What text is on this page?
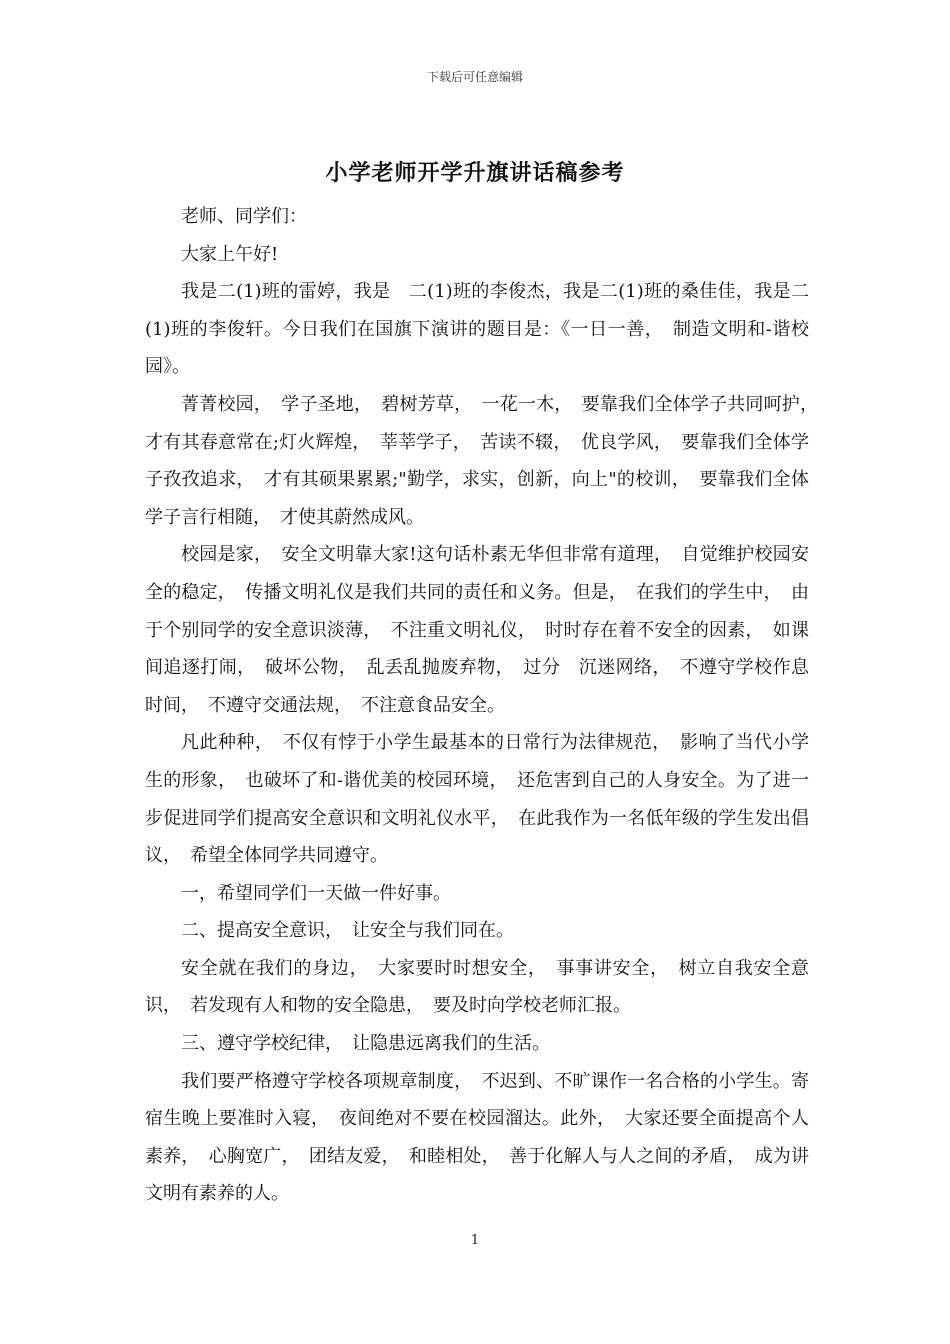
下载后可任意编辑
小学老师开学升旗讲话稿参考

老师、同学们：

大家上午好!

我是二(1)班的雷婷，我是　二(1)班的李俊杰，我是二(1)班的桑佳佳，我是二(1)班的李俊轩。今日我们在国旗下演讲的题目是：《一日一善，　制造文明和-谐校园》。

菁菁校园，　学子圣地，　碧树芳草，　一花一木，　要靠我们全体学子共同呵护，　才有其春意常在;灯火辉煌，　莘莘学子，　苦读不辍，　优良学风，　要靠我们全体学子孜孜追求，　才有其硕果累累;"勤学，求实，创新，向上"的校训，　要靠我们全体学子言行相随，　才使其蔚然成风。

校园是家，　安全文明靠大家!这句话朴素无华但非常有道理，　自觉维护校园安全的稳定，　传播文明礼仪是我们共同的责任和义务。但是，　在我们的学生中，　由于个别同学的安全意识淡薄，　不注重文明礼仪，　时时存在着不安全的因素，　如课间追逐打闹，　破坏公物，　乱丢乱抛废弃物，　过分　沉迷网络，　不遵守学校作息时间，　不遵守交通法规，　不注意食品安全。

凡此种种，　不仅有悖于小学生最基本的日常行为法律规范，　影响了当代小学生的形象，　也破坏了和-谐优美的校园环境，　还危害到自己的人身安全。为了进一步促进同学们提高安全意识和文明礼仪水平，　在此我作为一名低年级的学生发出倡议，　希望全体同学共同遵守。

一，希望同学们一天做一件好事。

二、提高安全意识，　让安全与我们同在。

安全就在我们的身边，　大家要时时想安全，　事事讲安全，　树立自我安全意识，　若发现有人和物的安全隐患，　要及时向学校老师汇报。

三、遵守学校纪律，　让隐患远离我们的生活。

我们要严格遵守学校各项规章制度，　不迟到、不旷课作一名合格的小学生。寄宿生晚上要准时入寝，　夜间绝对不要在校园溜达。此外，　大家还要全面提高个人素养，　心胸宽广，　团结友爱，　和睦相处，　善于化解人与人之间的矛盾，　成为讲文明有素养的人。

1
